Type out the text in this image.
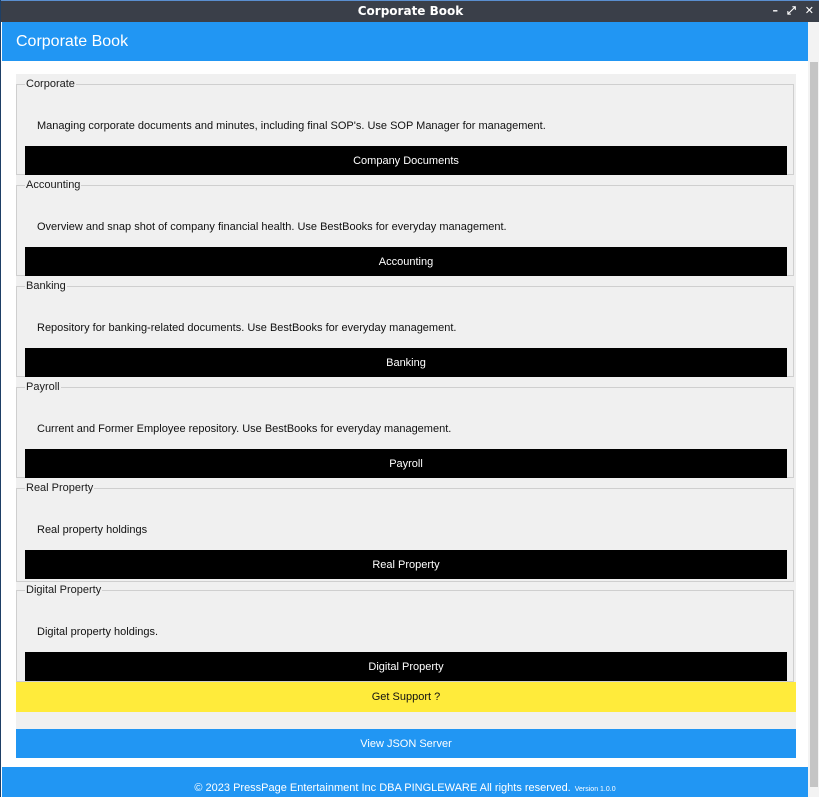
Corporate Book	– ⤢ ✕
Corporate Book
Corporate
Managing corporate documents and minutes, including final SOP's. Use SOP Manager for management.
Company Documents
Accounting
Overview and snap shot of company financial health. Use BestBooks for everyday management.
Accounting
Banking
Repository for banking-related documents. Use BestBooks for everyday management.
Banking
Payroll
Current and Former Employee repository. Use BestBooks for everyday management.
Payroll
Real Property
Real property holdings
Real Property
Digital Property
Digital property holdings.
Digital Property
Get Support ?
View JSON Server
© 2023 PressPage Entertainment Inc DBA PINGLEWARE All rights reserved. Version 1.0.0
